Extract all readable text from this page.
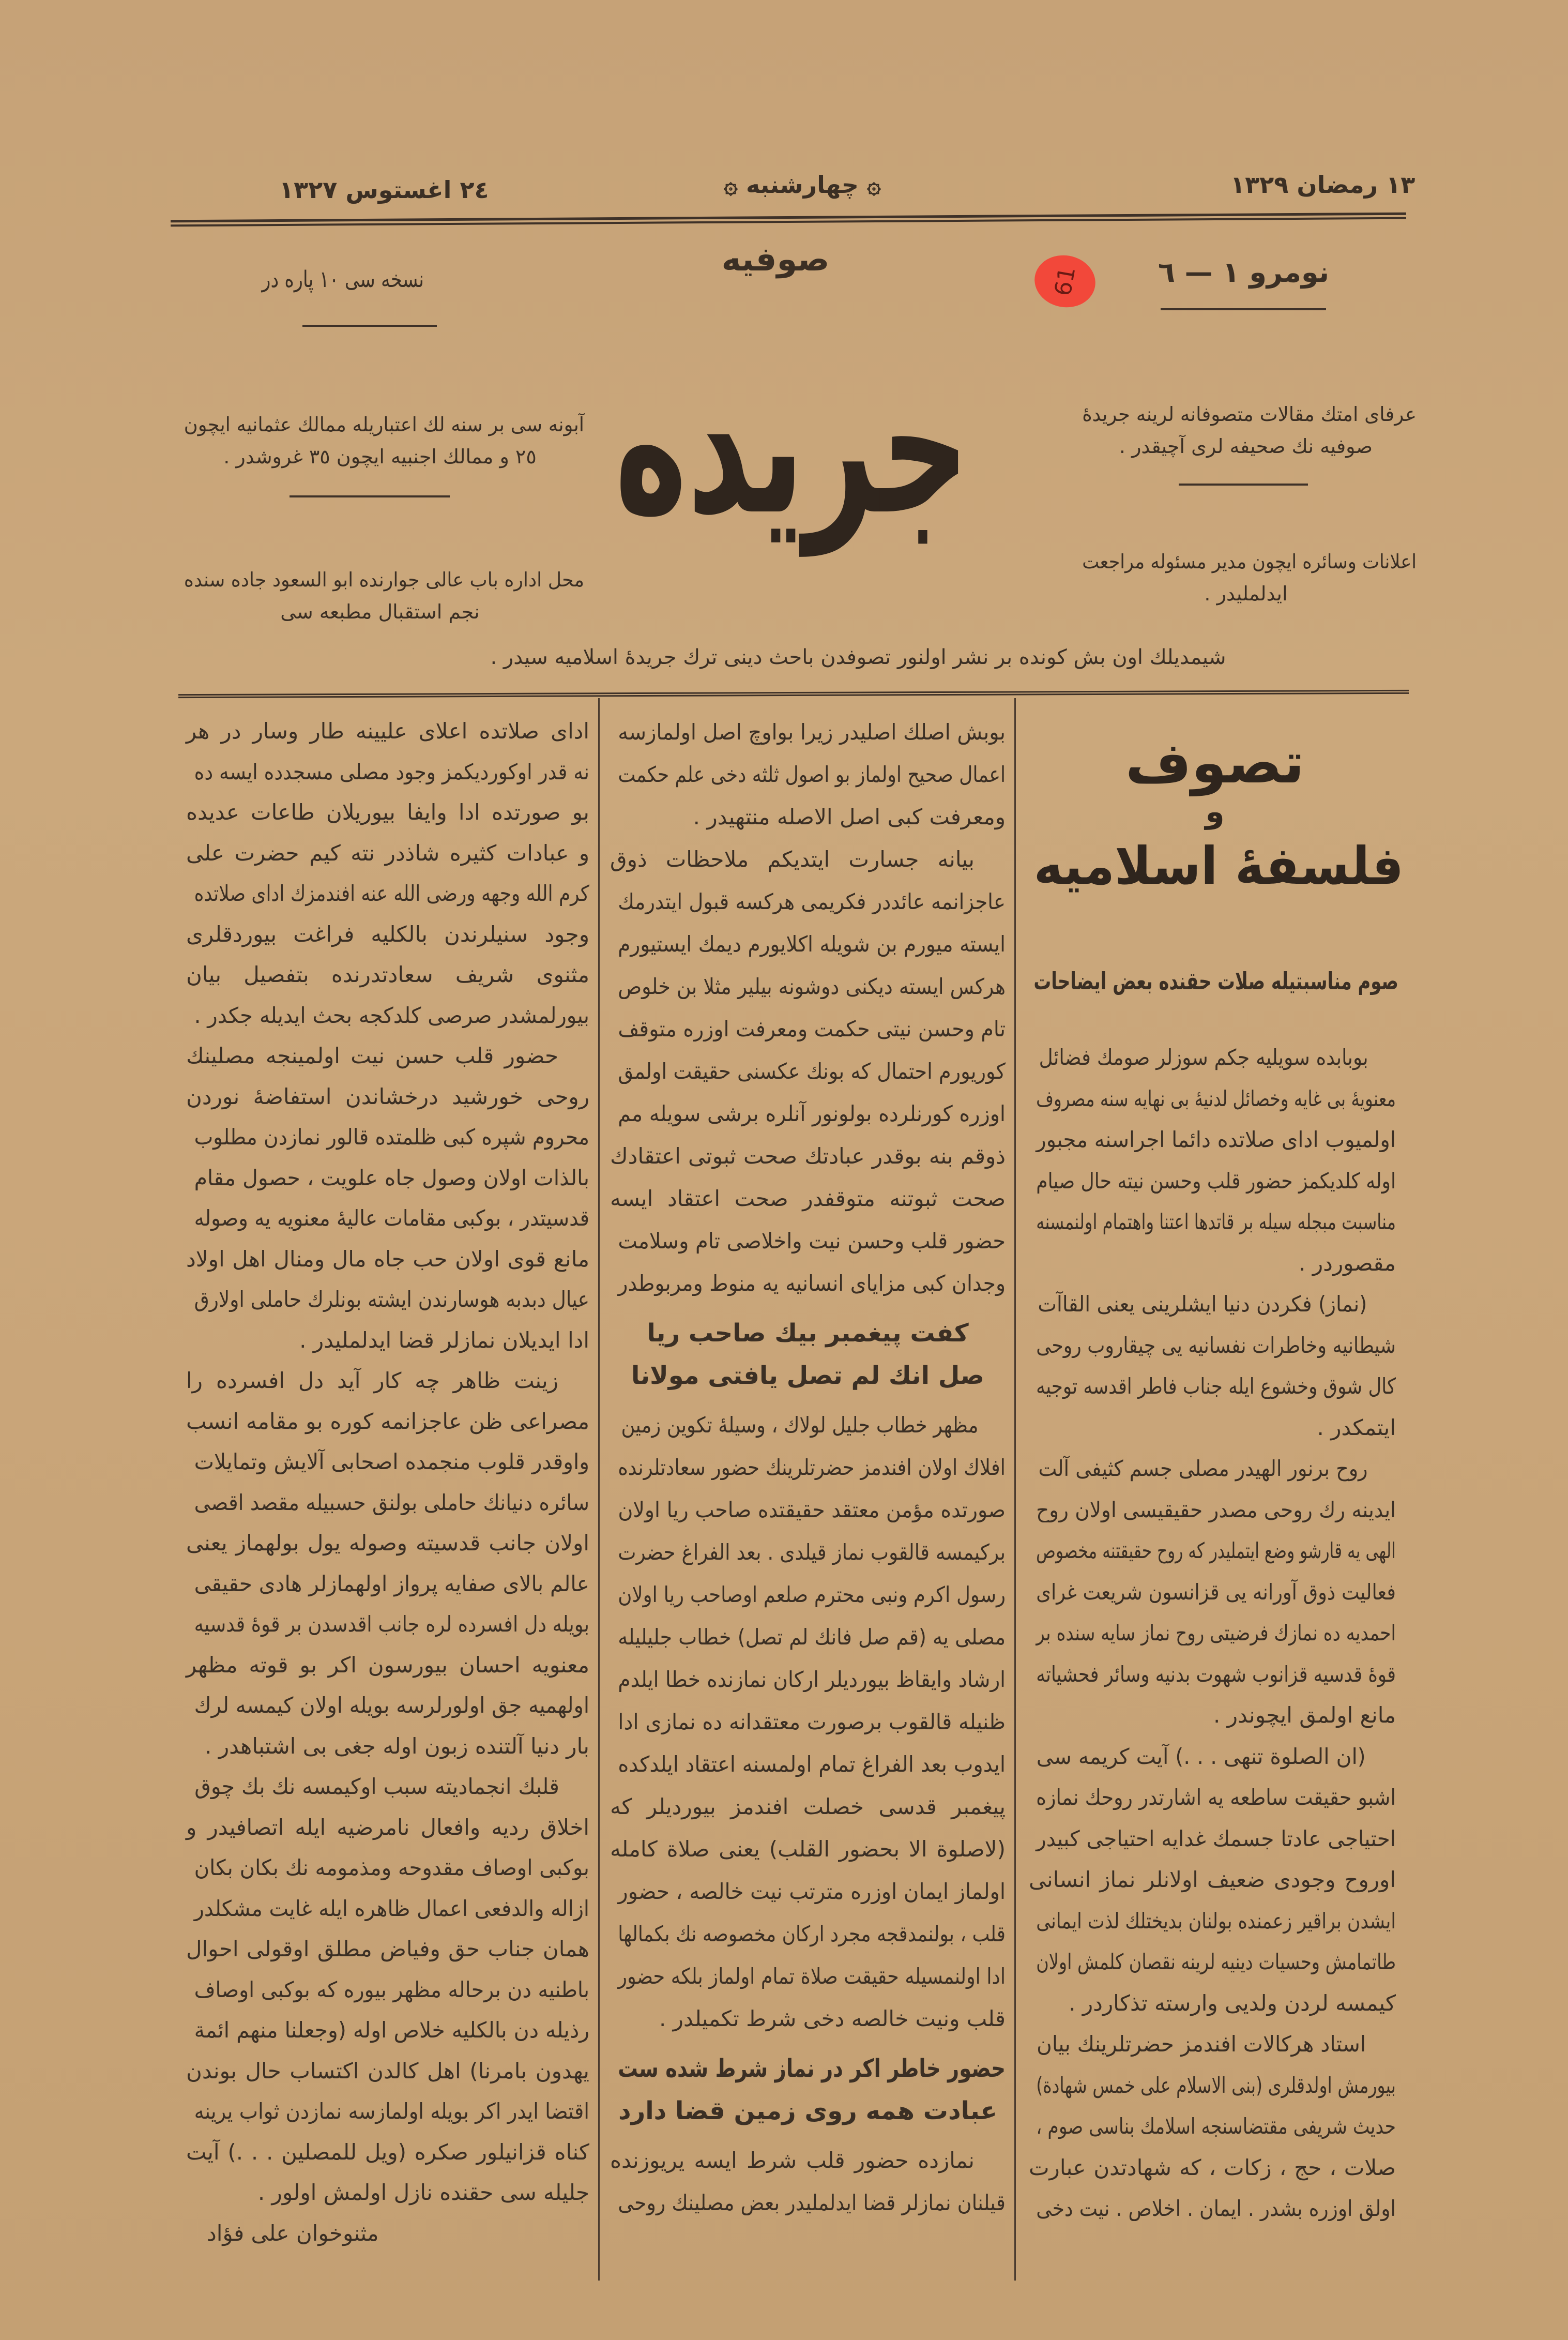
١٣ رمضان ١٣٢٩
۞ چهارشنبه ۞
٢٤ اغستوس ١٣٢٧
صوفيه
جريده
نومرو ١ — ٦
61
نسخه سى ١٠ پاره در
آبونه سى بر سنه لك اعتباريله ممالك عثمانيه ايچون
٢٥ و ممالك اجنبيه ايچون ٣٥ غروشدر .
محل اداره باب عالى جوارنده ابو السعود جاده سنده
نجم استقبال مطبعه سى
عرفاى امتك مقالات متصوفانه لرينه جريدهٔ
صوفيه نك صحيفه لرى آچيقدر .
اعلانات وسائره ايچون مدير مسئوله مراجعت
ايدلمليدر .
شيمديلك اون بش كونده بر نشر اولنور تصوفدن باحث دينى ترك جريدهٔ اسلاميه سيدر .
تصوف
و
فلسفهٔ اسلاميه
صوم مناسبتيله صلات حقنده بعض ايضاحات
بوبابده سويليه جكم سوزلر صومك فضائل
معنويهٔ بى غايه وخصائل لدنيهٔ بى نهايه سنه مصروف
اولميوب اداى صلاتده دائما اجراسنه مجبور
اوله كلديكمز حضور قلب وحسن نيته حال صيام
مناسبت مبجله سيله بر قاتدها اعتنا واهتمام اولنمسنه
مقصوردر .
(نماز) فكردن دنيا ايشلرينى يعنى القاآت
شيطانيه وخاطرات نفسانيه يى چيقاروب روحى
كال شوق وخشوع ايله جناب فاطر اقدسه توجيه
ايتمكدر .
روح برنور الهيدر مصلى جسم كثيفى آلت
ايدينه رك روحى مصدر حقيقيسى اولان روح
الهى يه قارشو وضع ايتمليدر كه روح حقيقتنه مخصوص
فعاليت ذوق آورانه يى قزانسون شريعت غراى
احمديه ده نمازك فرضيتى روح نماز سايه سنده بر
قوهٔ قدسيه قزانوب شهوت بدنيه وسائر فحشياته
مانع اولمق ايچوندر .
(ان الصلوة تنهى . . .) آيت كريمه سى
اشبو حقيقت ساطعه يه اشارتدر روحك نمازه
احتياجى عادتا جسمك غدايه احتياجى كبيدر
اوروح وجودى ضعيف اولانلر نماز انسانى
ايشدن براقير زعمنده بولنان بديختلك لذت ايمانى
طاتمامش وحسيات دينيه لرينه نقصان كلمش اولان
كيمسه لردن ولديى وارسته تذكاردر .
استاد هركالات افندمز حضرتلرينك بيان
بيورمش اولدقلرى (بنى الاسلام على خمس شهادة)
حديث شريفى مقتضاسنجه اسلامك بناسى صوم ،
صلات ، حج ، زكات ، كه شهادتدن عبارت
اولق اوزره بشدر . ايمان . اخلاص . نيت دخى
بوبش اصلك اصليدر زيرا بواوچ اصل اولمازسه
اعمال صحيح اولماز بو اصول ثلثه دخى علم حكمت
ومعرفت كبى اصل الاصله منتهيدر .
بيانه جسارت ايتديكم ملاحظات ذوق
عاجزانمه عائددر فكريمى هركسه قبول ايتدرمك
ايسته ميورم بن شويله اكلايورم ديمك ايستيورم
هركس ايسته ديكنى دوشونه بيلير مثلا بن خلوص
تام وحسن نيتى حكمت ومعرفت اوزره متوقف
كوريورم احتمال كه بونك عكسنى حقيقت اولمق
اوزره كورنلرده بولونور آنلره برشى سويله مم
ذوقم بنه بوقدر عبادتك صحت ثبوتى اعتقادك
صحت ثبوتنه متوقفدر صحت اعتقاد ايسه
حضور قلب وحسن نيت واخلاصى تام وسلامت
وجدان كبى مزاياى انسانيه يه منوط ومربوطدر
كفت پيغمبر بيك صاحب ريا
صل انك لم تصل يافتى مولانا
مظهر خطاب جليل لولاك ، وسيلهٔ تكوين زمين
افلاك اولان افندمز حضرتلرينك حضور سعادتلرنده
صورتده مؤمن معتقد حقيقتده صاحب ريا اولان
بركيمسه قالقوب نماز قيلدى . بعد الفراغ حضرت
رسول اكرم ونبى محترم صلعم اوصاحب ريا اولان
مصلى يه (قم صل فانك لم تصل) خطاب جليليله
ارشاد وايقاظ بيورديلر اركان نمازنده خطا ايلدم
ظنيله قالقوب برصورت معتقدانه ده نمازى ادا
ايدوب بعد الفراغ تمام اولمسنه اعتقاد ايلدكده
پيغمبر قدسى خصلت افندمز بيورديلر كه
(لاصلوة الا بحضور القلب) يعنى صلاة كامله
اولماز ايمان اوزره مترتب نيت خالصه ، حضور
قلب ، بولنمدقجه مجرد اركان مخصوصه نك بكمالها
ادا اولنمسيله حقيقت صلاة تمام اولماز بلكه حضور
قلب ونيت خالصه دخى شرط تكميلدر .
حضور خاطر اكر در نماز شرط شده ست
عبادت همه روى زمين قضا دارد
نمازده حضور قلب شرط ايسه يريوزنده
قيلنان نمازلر قضا ايدلمليدر بعض مصلينك روحى
اداى صلاتده اعلاى عليينه طار وسار در هر
نه قدر اوكورديكمز وجود مصلى مسجدده ايسه ده
بو صورتده ادا وايفا بيوريلان طاعات عديده
و عبادات كثيره شاذدر نته كيم حضرت على
كرم الله وجهه ورضى الله عنه افندمزك اداى صلاتده
وجود سنيلرندن بالكليه فراغت بيوردقلرى
مثنوى شريف سعادتدرنده بتفصيل بيان
بيورلمشدر صرصى كلدكجه بحث ايديله جكدر .
حضور قلب حسن نيت اولمينجه مصلينك
روحى خورشيد درخشاندن استفاضهٔ نوردن
محروم شپره كبى ظلمتده قالور نمازدن مطلوب
بالذات اولان وصول جاه علويت ، حصول مقام
قدسيتدر ، بوكبى مقامات عاليهٔ معنويه يه وصوله
مانع قوى اولان حب جاه مال ومنال اهل اولاد
عيال دبدبه هوسارندن ايشته بونلرك حاملى اولارق
ادا ايديلان نمازلر قضا ايدلمليدر .
زينت ظاهر چه كار آيد دل افسرده را
مصراعى ظن عاجزانمه كوره بو مقامه انسب
واوقدر قلوب منجمده اصحابى آلايش وتمايلات
سائره دنيانك حاملى بولنق حسبيله مقصد اقصى
اولان جانب قدسيته وصوله يول بولهماز يعنى
عالم بالاى صفايه پرواز اولهمازلر هادى حقيقى
بويله دل افسرده لره جانب اقدسدن بر قوهٔ قدسيه
معنويه احسان بيورسون اكر بو قوته مظهر
اولهميه جق اولورلرسه بويله اولان كيمسه لرك
بار دنيا آلتنده زبون اوله جغى بى اشتباهدر .
قلبك انجماديته سبب اوكيمسه نك بك چوق
اخلاق رديه وافعال نامرضيه ايله اتصافيدر و
بوكبى اوصاف مقدوحه ومذمومه نك بكان بكان
ازاله والدفعى اعمال ظاهره ايله غايت مشكلدر
همان جناب حق وفياض مطلق اوقولى احوال
باطنيه دن برحاله مظهر بيوره كه بوكبى اوصاف
رذيله دن بالكليه خلاص اوله (وجعلنا منهم ائمة
يهدون بامرنا) اهل كالدن اكتساب حال بوندن
اقتضا ايدر اكر بويله اولمازسه نمازدن ثواب يرينه
كناه قزانيلور صكره (ويل للمصلين . . .) آيت
جليله سى حقنده نازل اولمش اولور .
مثنوخوان على فؤاد
